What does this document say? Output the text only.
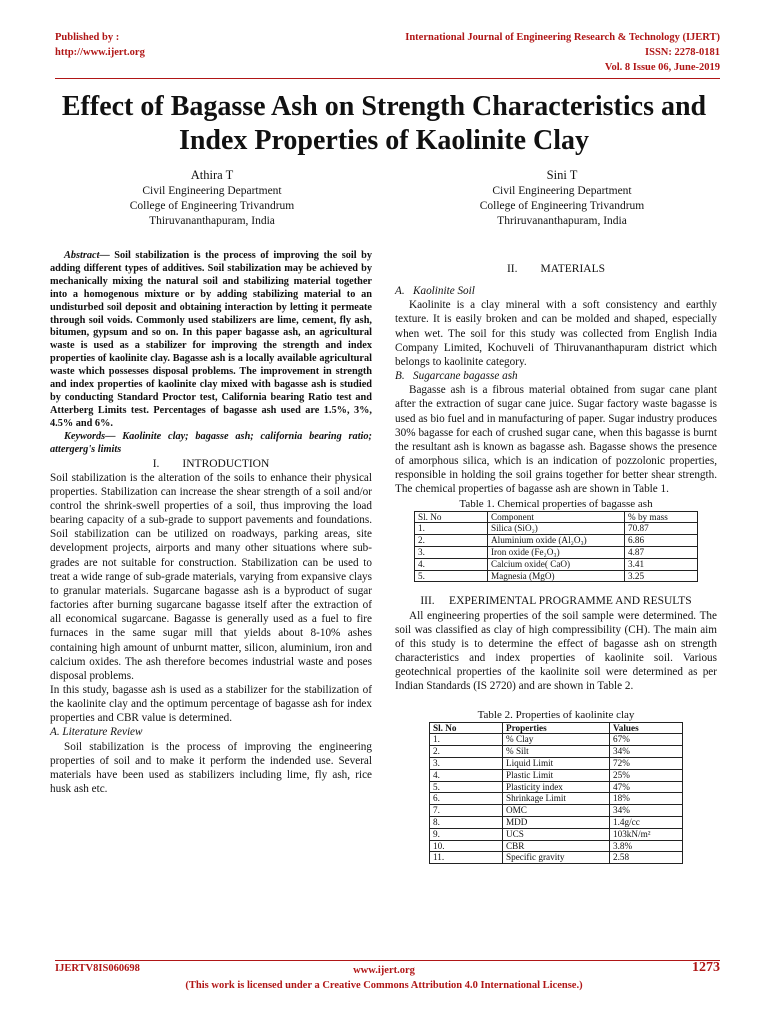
Published by :
http://www.ijert.org
International Journal of Engineering Research & Technology (IJERT)
ISSN: 2278-0181
Vol. 8 Issue 06, June-2019
Effect of Bagasse Ash on Strength Characteristics and Index Properties of Kaolinite Clay
Athira T
Civil Engineering Department
College of Engineering Trivandrum
Thiruvananthapuram, India
Sini T
Civil Engineering Department
College of Engineering Trivandrum
Thriruvananthapuram, India

Abstract— Soil stabilization is the process of improving the soil by adding different types of additives. Soil stabilization may be achieved by mechanically mixing the natural soil and stabilizing material together into a homogenous mixture or by adding stabilizing material to an undisturbed soil deposit and obtaining interaction by letting it permeate through soil voids. Commonly used stabilizers are lime, cement, fly ash, bitumen, gypsum and so on. In this paper bagasse ash, an agricultural waste is used as a stabilizer for improving the strength and index properties of kaolinite clay. Bagasse ash is a locally available agricultural waste which possesses disposal problems. The improvement in strength and index properties of kaolinite clay mixed with bagasse ash is studied by conducting Standard Proctor test, California bearing Ratio test and Atterberg Limits test. Percentages of bagasse ash used are 1.5%, 3%, 4.5% and 6%.

Keywords— Kaolinite clay; bagasse ash; california bearing ratio; attergerg's limits

I.        INTRODUCTION

Soil stabilization is the alteration of the soils to enhance their physical properties. Stabilization can increase the shear strength of a soil and/or control the shrink-swell properties of a soil, thus improving the load bearing capacity of a sub-grade to support pavements and foundations. Soil stabilization can be utilized on roadways, parking areas, site development projects, airports and many other situations where sub-grades are not suitable for construction. Stabilization can be used to treat a wide range of sub-grade materials, varying from expansive clays to granular materials. Sugarcane bagasse ash is a byproduct of sugar factories after burning sugarcane bagasse itself after the extraction of all economical sugarcane. Bagasse is generally used as a fuel to fire furnaces in the same sugar mill that yields about 8-10% ashes containing high amount of unburnt matter, silicon, aluminium, iron and calcium oxides. The ash therefore becomes industrial waste and poses disposal problems.

In this study, bagasse ash is used as a stabilizer for the stabilization of the kaolinite clay and the optimum percentage of bagasse ash for index properties and CBR value is determined.

A. Literature Review

Soil stabilization is the process of improving the engineering properties of soil and to make it perform the indended use. Several materials have been used as stabilizers including lime, fly ash, rice husk ash etc.

II.        MATERIALS

A.   Kaolinite Soil

Kaolinite is a clay mineral with a soft consistency and earthly texture. It is easily broken and can be molded and shaped, especially when wet. The soil for this study was collected from English India Company Limited, Kochuveli of Thiruvananthapuram district which belongs to kaolinite category.

B.   Sugarcane bagasse ash

Bagasse ash is a fibrous material obtained from sugar cane plant after the extraction of sugar cane juice. Sugar factory waste bagasse is used as bio fuel and in manufacturing of paper. Sugar industry produces 30% bagasse for each of crushed sugar cane, when this bagasse is burnt the resultant ash is known as bagasse ash. Bagasse shows the presence of amorphous silica, which is an indication of pozzolonic properties, responsible in holding the soil grains together for better shear strength. The chemical properties of bagasse ash are shown in Table 1.

Table 1. Chemical properties of bagasse ash

Sl. No	Component	% by mass
1.	Silica (SiO₂)	70.87
2.	Aluminium oxide (Al₂O₃)	6.86
3.	Iron oxide (Fe₂O₃)	4.87
4.	Calcium oxide( CaO)	3.41
5.	Magnesia (MgO)	3.25

III.     EXPERIMENTAL PROGRAMME AND RESULTS

All engineering properties of the soil sample were determined. The soil was classified as clay of high compressibility (CH). The main aim of this study is to determine the effect of bagasse ash on strength characteristics and index properties of kaolinite soil. Various geotechnical properties of the kaolinite soil were determined as per Indian Standards (IS 2720) and are shown in Table 2.

Table 2. Properties of kaolinite clay

Sl. No	Properties	Values
1.	% Clay	67%
2.	% Silt	34%
3.	Liquid Limit	72%
4.	Plastic Limit	25%
5.	Plasticity index	47%
6.	Shrinkage Limit	18%
7.	OMC	34%
8.	MDD	1.4g/cc
9.	UCS	103kN/m²
10.	CBR	3.8%
11.	Specific gravity	2.58
IJERTV8IS060698	www.ijert.org
(This work is licensed under a Creative Commons Attribution 4.0 International License.)
1273
